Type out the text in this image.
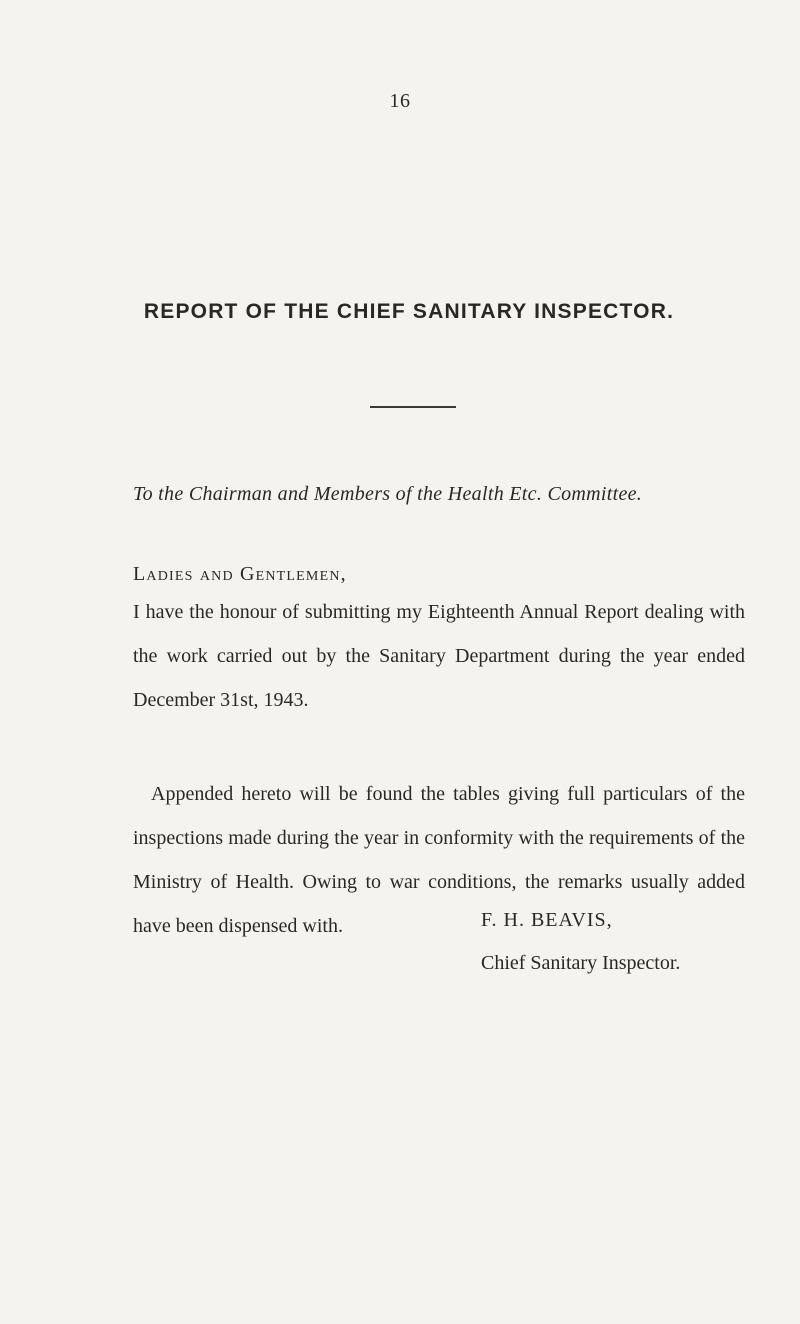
16
REPORT OF THE CHIEF SANITARY INSPECTOR.
To the Chairman and Members of the Health Etc. Committee.
Ladies and Gentlemen,
I have the honour of submitting my Eighteenth Annual Report dealing with the work carried out by the Sanitary Department during the year ended December 31st, 1943.
Appended hereto will be found the tables giving full particulars of the inspections made during the year in conformity with the requirements of the Ministry of Health. Owing to war conditions, the remarks usually added have been dispensed with.	F. H. BEAVIS,
Chief Sanitary Inspector.
